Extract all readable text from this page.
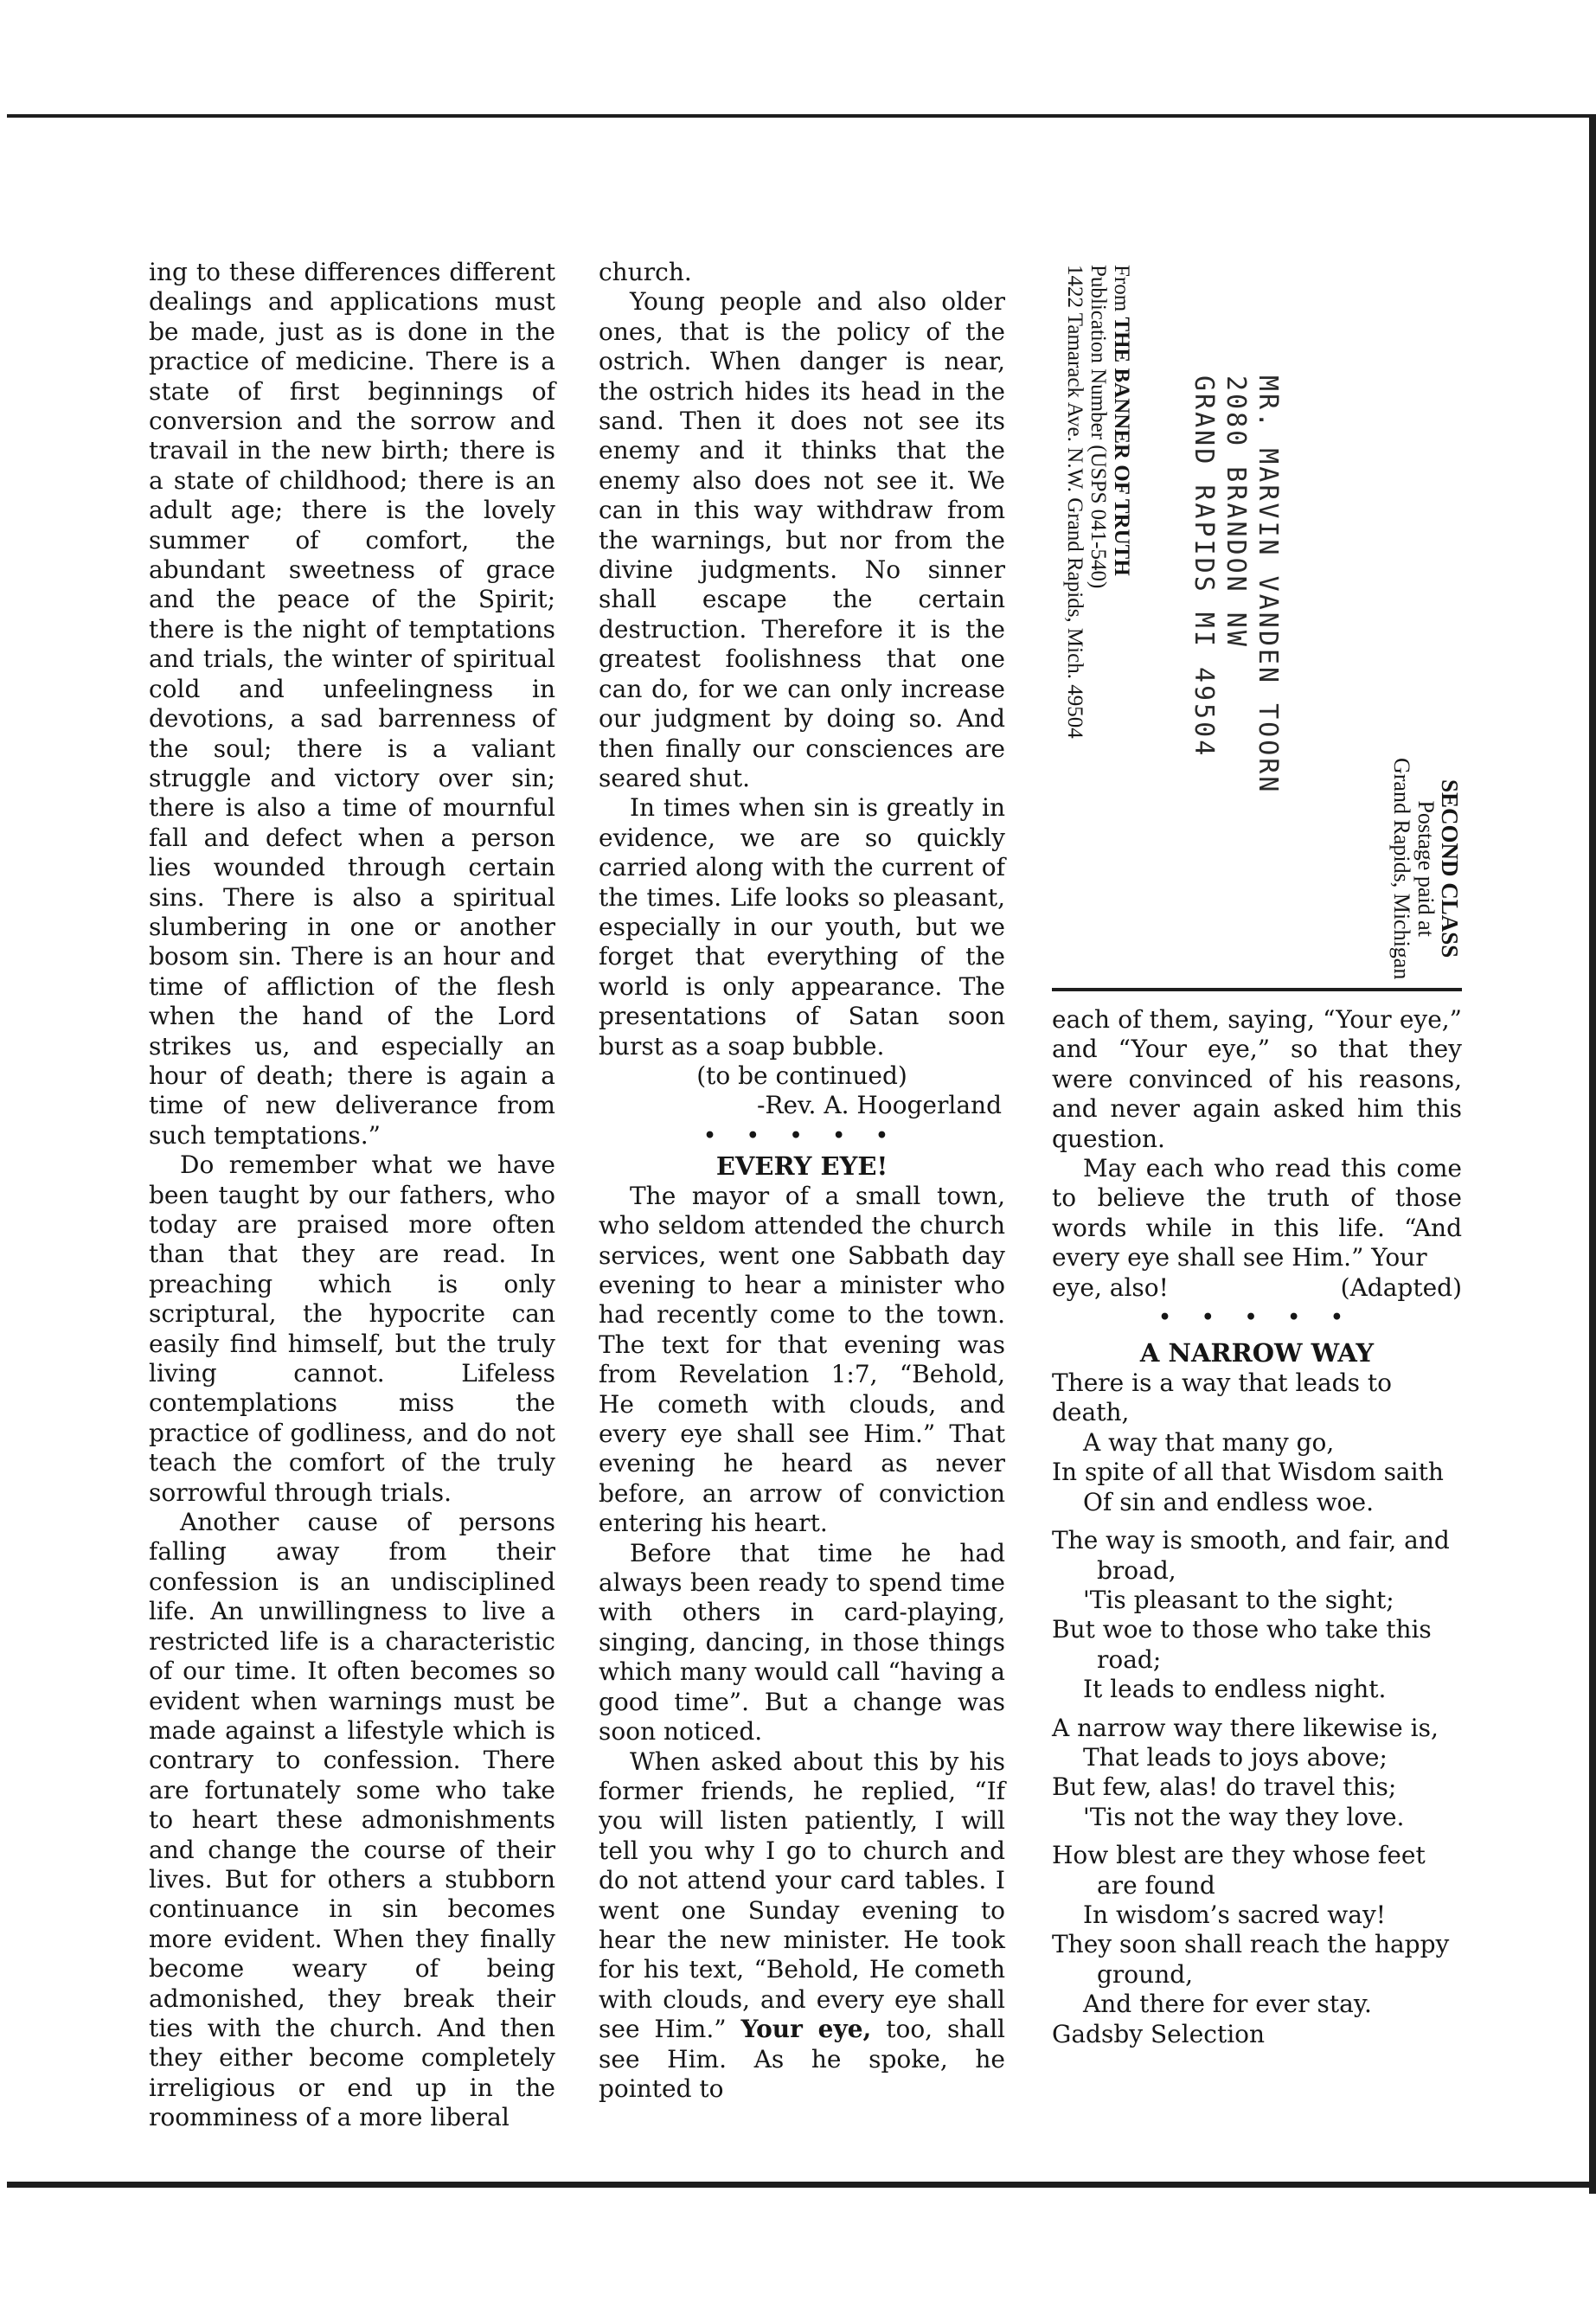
ing to these differences different dealings and applications must be made, just as is done in the practice of medicine. There is a state of first beginnings of conversion and the sorrow and travail in the new birth; there is a state of childhood; there is an adult age; there is the lovely summer of comfort, the abundant sweetness of grace and the peace of the Spirit; there is the night of temptations and trials, the winter of spiritual cold and unfeelingness in devotions, a sad barrenness of the soul; there is a valiant struggle and victory over sin; there is also a time of mournful fall and defect when a person lies wounded through certain sins. There is also a spiritual slumbering in one or another bosom sin. There is an hour and time of affliction of the flesh when the hand of the Lord strikes us, and especially an hour of death; there is again a time of new deliverance from such temptations.”

Do remember what we have been taught by our fathers, who today are praised more often than that they are read. In preaching which is only scriptural, the hypocrite can easily find himself, but the truly living cannot. Lifeless contemplations miss the practice of godliness, and do not teach the comfort of the truly sorrowful through trials.

Another cause of persons falling away from their confession is an undisciplined life. An unwillingness to live a restricted life is a characteristic of our time. It often becomes so evident when warnings must be made against a lifestyle which is contrary to confession. There are fortunately some who take to heart these admonishments and change the course of their lives. But for others a stubborn continuance in sin becomes more evident. When they finally become weary of being admonished, they break their ties with the church. And then they either become completely irreligious or end up in the roomminess of a more liberal

church.

Young people and also older ones, that is the policy of the ostrich. When danger is near, the ostrich hides its head in the sand. Then it does not see its enemy and it thinks that the enemy also does not see it. We can in this way withdraw from the warnings, but nor from the divine judgments. No sinner shall escape the certain destruction. Therefore it is the greatest foolishness that one can do, for we can only increase our judgment by doing so. And then finally our consciences are seared shut.

In times when sin is greatly in evidence, we are so quickly carried along with the current of the times. Life looks so pleasant, especially in our youth, but we forget that everything of the world is only appearance. The presentations of Satan soon burst as a soap bubble.

(to be continued)

-Rev. A. Hoogerland

• • • • •

EVERY EYE!

The mayor of a small town, who seldom attended the church services, went one Sabbath day evening to hear a minister who had recently come to the town. The text for that evening was from Revelation 1:7, “Behold, He cometh with clouds, and every eye shall see Him.” That evening he heard as never before, an arrow of conviction entering his heart.

Before that time he had always been ready to spend time with others in card-playing, singing, dancing, in those things which many would call “having a good time”. But a change was soon noticed.

When asked about this by his former friends, he replied, “If you will listen patiently, I will tell you why I go to church and do not attend your card tables. I went one Sunday evening to hear the new minister. He took for his text, “Behold, He cometh with clouds, and every eye shall see Him.” Your eye, too, shall see Him. As he spoke, he pointed to

SECOND CLASS
Postage paid at
Grand Rapids, Michigan
MR. MARVIN VANDEN TOORN
2080 BRANDON NW
GRAND RAPIDS MI 49504
From THE BANNER OF TRUTH
Publication Number (USPS 041-540)
1422 Tamarack Ave. N.W. Grand Rapids, Mich. 49504

each of them, saying, “Your eye,” and “Your eye,” so that they were convinced of his reasons, and never again asked him this question.

May each who read this come to believe the truth of those words while in this life. “And every eye shall see Him.” Your

eye, also!	(Adapted)

• • • • •

A NARROW WAY

There is a way that leads to death,

A way that many go,

In spite of all that Wisdom saith

Of sin and endless woe.

The way is smooth, and fair, and broad,

'Tis pleasant to the sight;

But woe to those who take this road;

It leads to endless night.

A narrow way there likewise is,

That leads to joys above;

But few, alas! do travel this;

'Tis not the way they love.

How blest are they whose feet are found

In wisdom’s sacred way!

They soon shall reach the happy ground,

And there for ever stay.

Gadsby Selection
